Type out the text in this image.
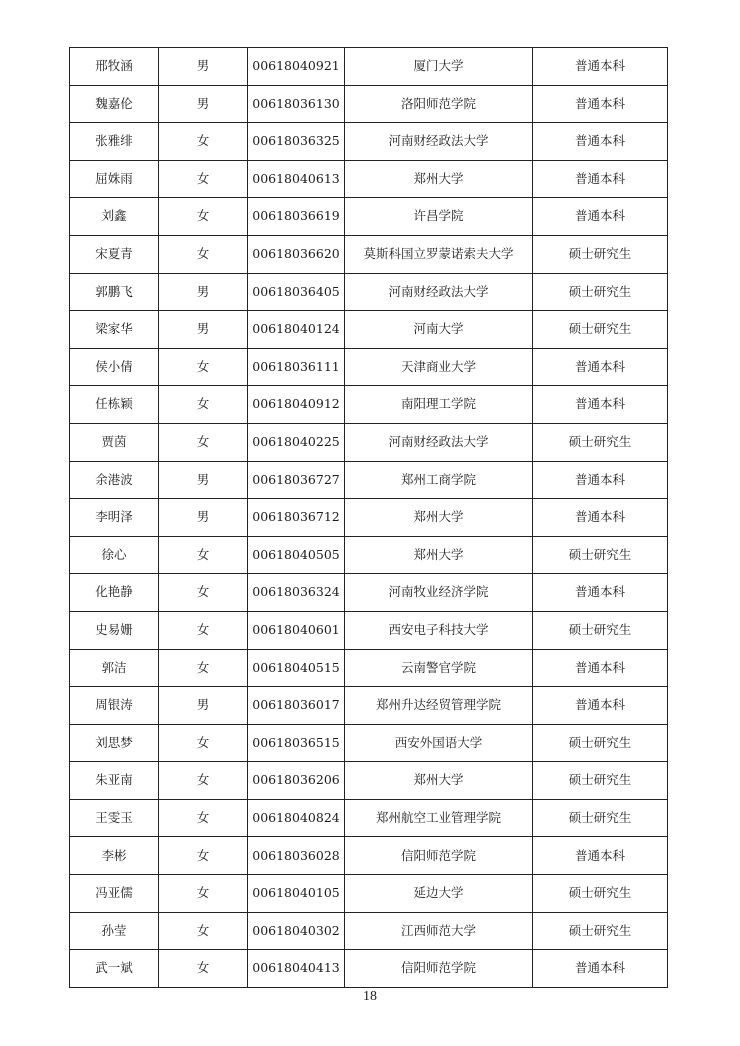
邢牧涵	男	00618040921	厦门大学	普通本科
魏嘉伦	男	00618036130	洛阳师范学院	普通本科
张雅绯	女	00618036325	河南财经政法大学	普通本科
屈姝雨	女	00618040613	郑州大学	普通本科
刘鑫	女	00618036619	许昌学院	普通本科
宋夏青	女	00618036620	莫斯科国立罗蒙诺索夫大学	硕士研究生
郭鹏飞	男	00618036405	河南财经政法大学	硕士研究生
梁家华	男	00618040124	河南大学	硕士研究生
侯小倩	女	00618036111	天津商业大学	普通本科
任栋颖	女	00618040912	南阳理工学院	普通本科
贾茵	女	00618040225	河南财经政法大学	硕士研究生
余港波	男	00618036727	郑州工商学院	普通本科
李明泽	男	00618036712	郑州大学	普通本科
徐心	女	00618040505	郑州大学	硕士研究生
化艳静	女	00618036324	河南牧业经济学院	普通本科
史易姗	女	00618040601	西安电子科技大学	硕士研究生
郭洁	女	00618040515	云南警官学院	普通本科
周银涛	男	00618036017	郑州升达经贸管理学院	普通本科
刘思梦	女	00618036515	西安外国语大学	硕士研究生
朱亚南	女	00618036206	郑州大学	硕士研究生
王雯玉	女	00618040824	郑州航空工业管理学院	硕士研究生
李彬	女	00618036028	信阳师范学院	普通本科
冯亚儒	女	00618040105	延边大学	硕士研究生
孙莹	女	00618040302	江西师范大学	硕士研究生
武一斌	女	00618040413	信阳师范学院	普通本科
18
